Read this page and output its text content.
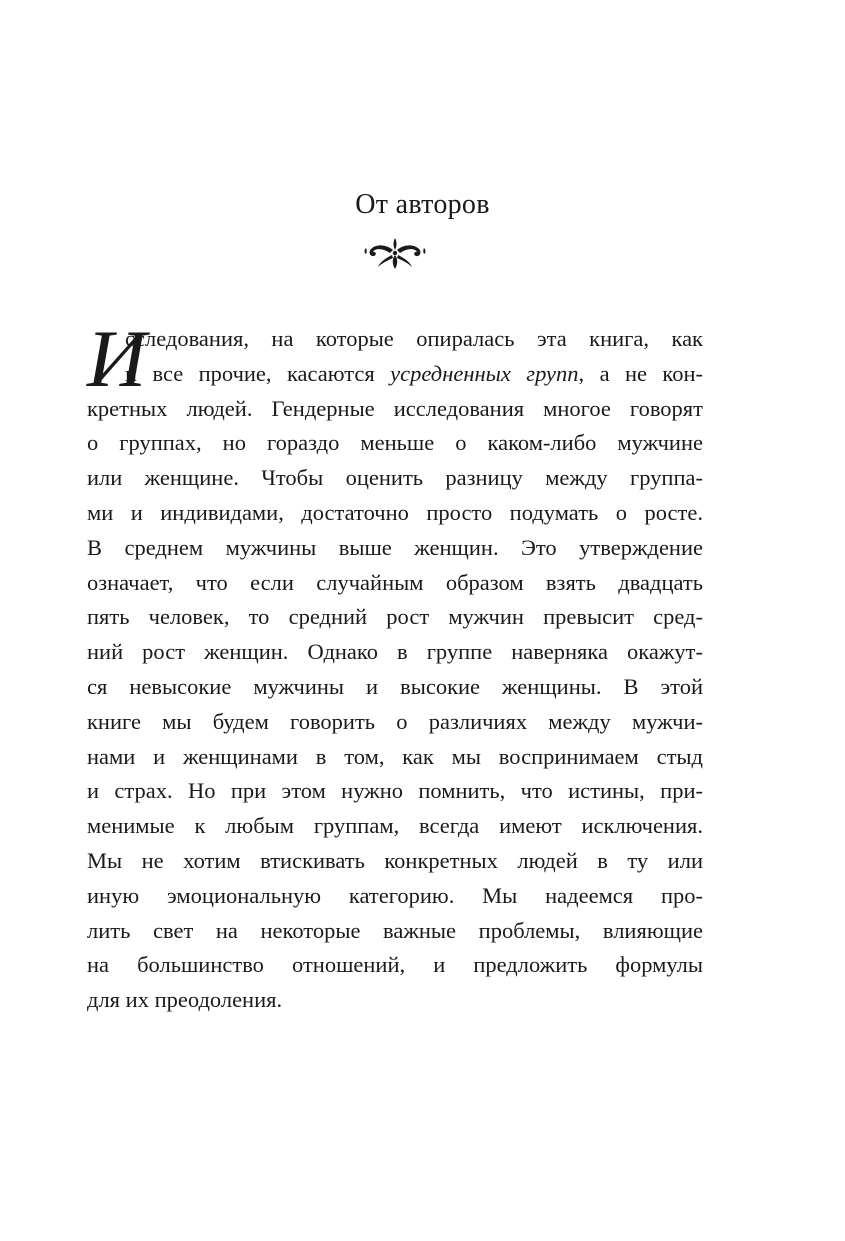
От авторов
И
сследования, на которые опиралась эта книга, как
и все прочие, касаются усредненных групп, а не кон-
кретных людей. Гендерные исследования многое говорят
о группах, но гораздо меньше о каком-либо мужчине
или женщине. Чтобы оценить разницу между группа-
ми и индивидами, достаточно просто подумать о росте.
В среднем мужчины выше женщин. Это утверждение
означает, что если случайным образом взять двадцать
пять человек, то средний рост мужчин превысит сред-
ний рост женщин. Однако в группе наверняка окажут-
ся невысокие мужчины и высокие женщины. В этой
книге мы будем говорить о различиях между мужчи-
нами и женщинами в том, как мы воспринимаем стыд
и страх. Но при этом нужно помнить, что истины, при-
менимые к любым группам, всегда имеют исключения.
Мы не хотим втискивать конкретных людей в ту или
иную эмоциональную категорию. Мы надеемся про-
лить свет на некоторые важные проблемы, влияющие
на большинство отношений, и предложить формулы
для их преодоления.
